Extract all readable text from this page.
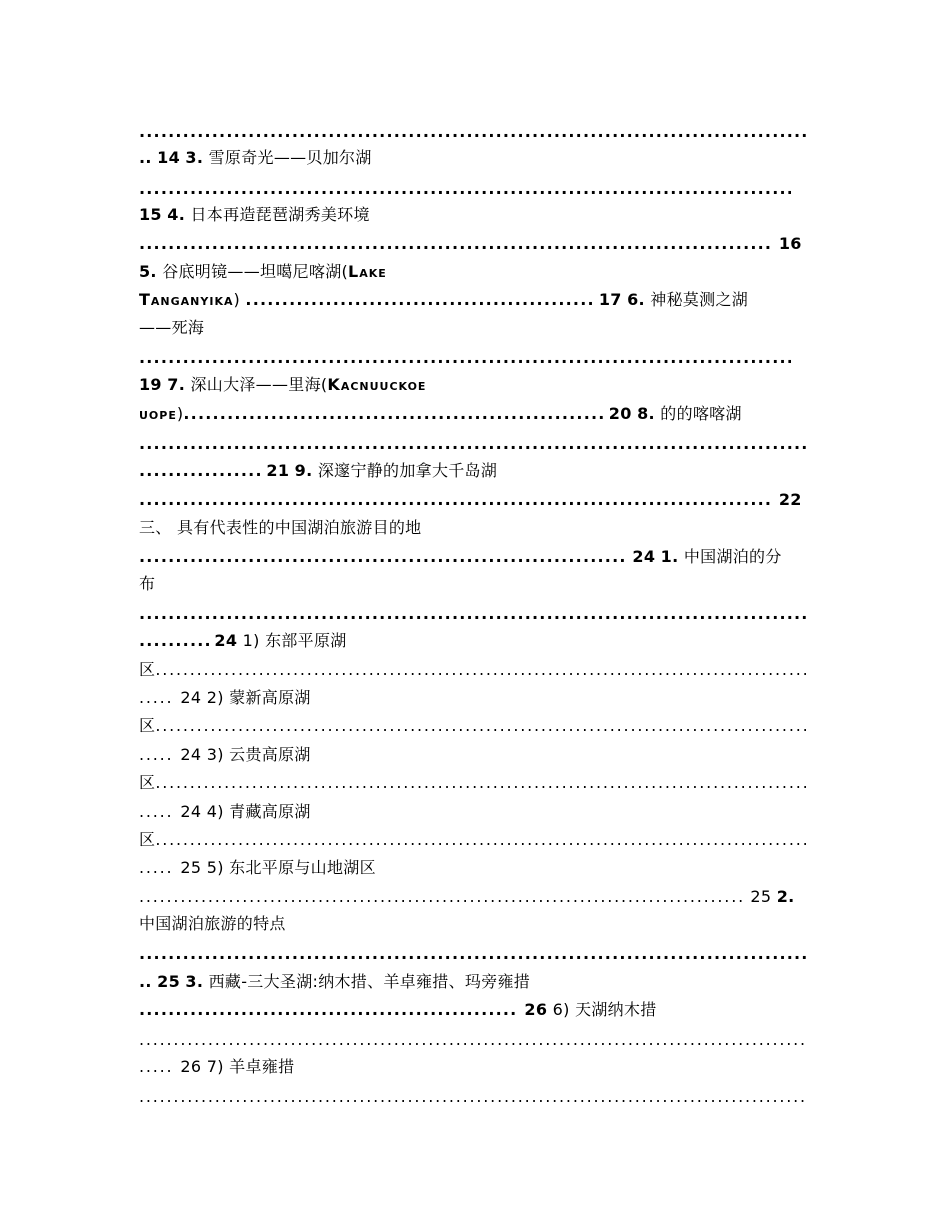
.....
.. 14 3. 雪原奇光——贝加尔湖
.....
15 4. 日本再造琵琶湖秀美环境
..... 16
5. 谷底明镜——坦噶尼喀湖(Lake
Tanganyika) .....	17 6. 神秘莫测之湖
——死海
.....
19 7. 深山大泽——里海(Kacnuuckoe
uope) .....	20 8. 的的喀喀湖
.....
..... 21 9. 深邃宁静的加拿大千岛湖
..... 22
三、 具有代表性的中国湖泊旅游目的地
..... 24 1. 中国湖泊的分
布
.....
..... 24 1) 东部平原湖
区.....
..... 24 2) 蒙新高原湖
区.....
..... 24 3) 云贵高原湖
区.....
..... 24 4) 青藏高原湖
区.....
..... 25 5) 东北平原与山地湖区
..... 25 2.
中国湖泊旅游的特点
.....
.. 25 3. 西藏-三大圣湖:纳木措、羊卓雍措、玛旁雍措
..... 26 6) 天湖纳木措
.....
..... 26 7) 羊卓雍措
.....
